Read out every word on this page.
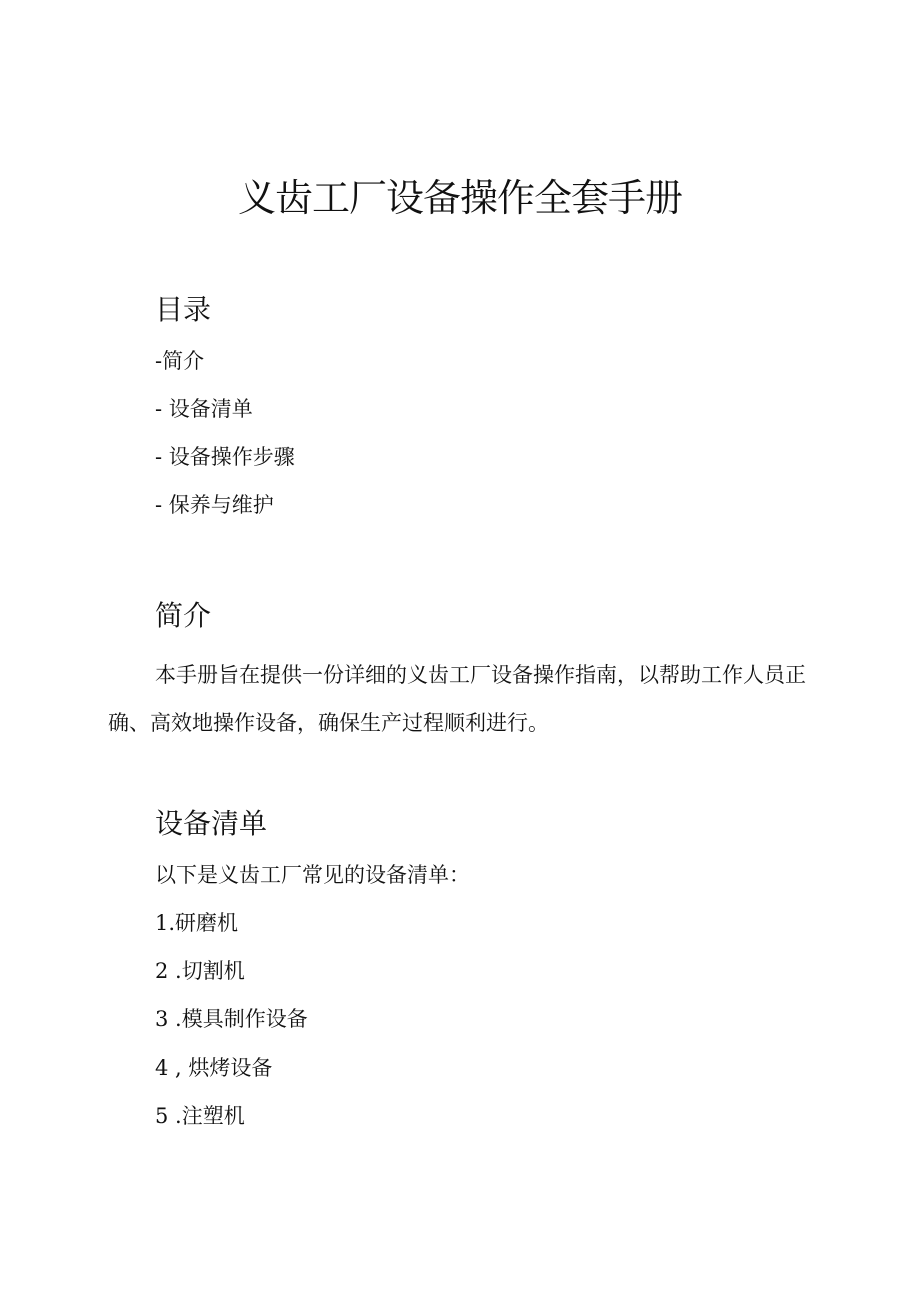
义齿工厂设备操作全套手册
目录

-简介

- 设备清单

- 设备操作步骤

- 保养与维护

简介

本手册旨在提供一份详细的义齿工厂设备操作指南，以帮助工作人员正确、高效地操作设备，确保生产过程顺利进行。

设备清单

以下是义齿工厂常见的设备清单：

1.研磨机

2 .切割机

3 .模具制作设备

4 , 烘烤设备

5 .注塑机
